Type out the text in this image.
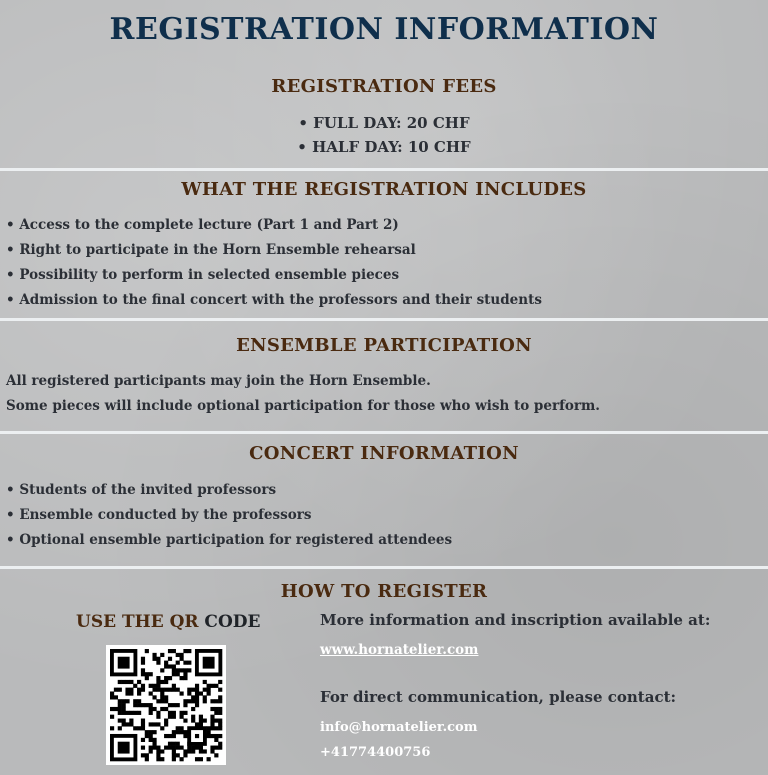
REGISTRATION INFORMATION
REGISTRATION FEES
• FULL DAY: 20 CHF
• HALF DAY: 10 CHF
WHAT THE REGISTRATION INCLUDES
• Access to the complete lecture (Part 1 and Part 2)
• Right to participate in the Horn Ensemble rehearsal
• Possibility to perform in selected ensemble pieces
• Admission to the final concert with the professors and their students
ENSEMBLE PARTICIPATION
All registered participants may join the Horn Ensemble.
Some pieces will include optional participation for those who wish to perform.
CONCERT INFORMATION
• Students of the invited professors
• Ensemble conducted by the professors
• Optional ensemble participation for registered attendees
HOW TO REGISTER
USE THE QR CODE	More information and inscription available at:
www.hornatelier.com
For direct communication, please contact:
info@hornatelier.com
+41774400756
